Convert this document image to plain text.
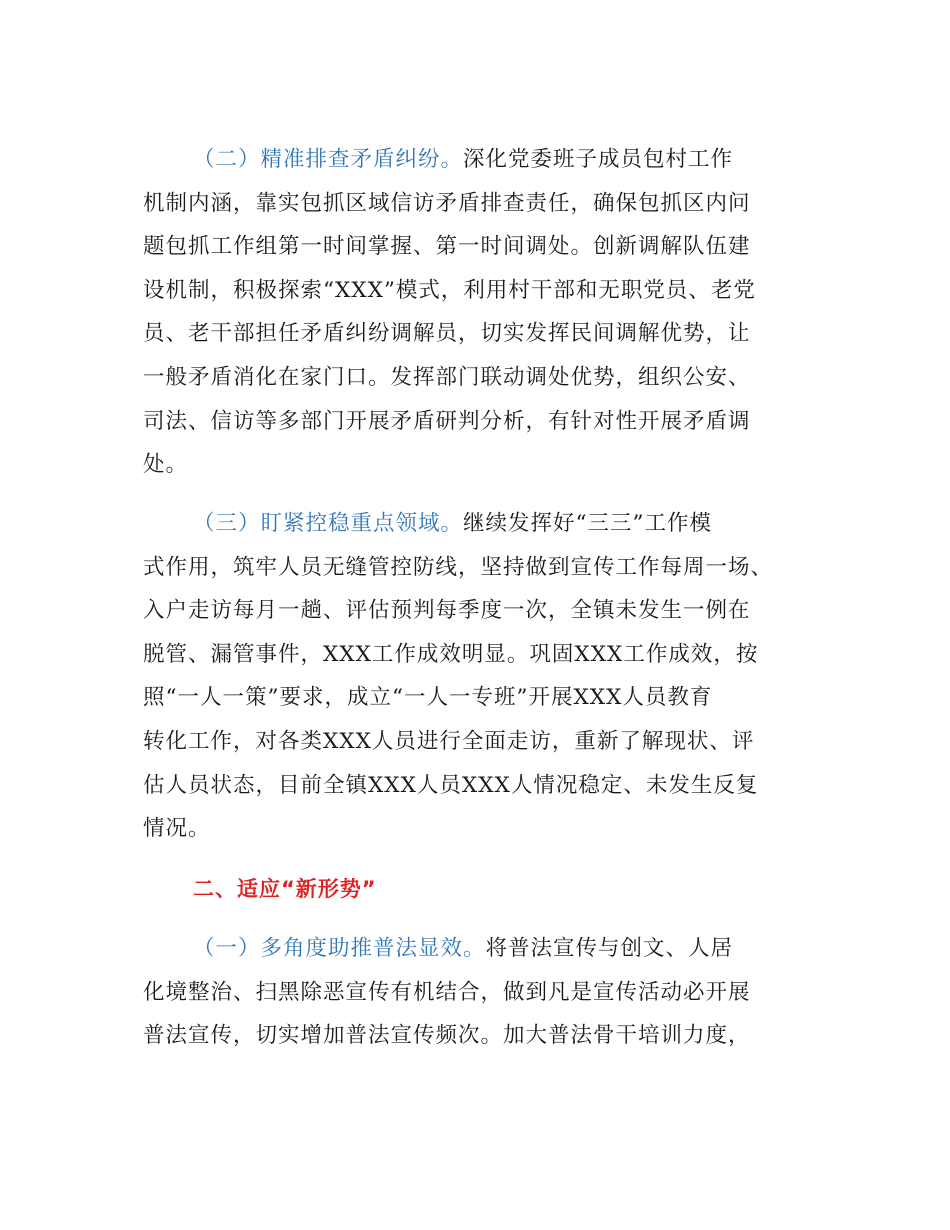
（二）精准排查矛盾纠纷。深化党委班子成员包村工作
机制内涵，靠实包抓区域信访矛盾排查责任，确保包抓区内问
题包抓工作组第一时间掌握、第一时间调处。创新调解队伍建
设机制，积极探索“XXX”模式，利用村干部和无职党员、老党
员、老干部担任矛盾纠纷调解员，切实发挥民间调解优势，让
一般矛盾消化在家门口。发挥部门联动调处优势，组织公安、
司法、信访等多部门开展矛盾研判分析，有针对性开展矛盾调
处。
（三）盯紧控稳重点领域。继续发挥好“三三”工作模
式作用，筑牢人员无缝管控防线，坚持做到宣传工作每周一场、
入户走访每月一趟、评估预判每季度一次，全镇未发生一例在
脱管、漏管事件，XXX工作成效明显。巩固XXX工作成效，按
照“一人一策”要求，成立“一人一专班”开展XXX人员教育
转化工作，对各类XXX人员进行全面走访，重新了解现状、评
估人员状态，目前全镇XXX人员XXX人情况稳定、未发生反复
情况。
二、适应“新形势”
（一）多角度助推普法显效。将普法宣传与创文、人居
化境整治、扫黑除恶宣传有机结合，做到凡是宣传活动必开展
普法宣传，切实增加普法宣传频次。加大普法骨干培训力度，
